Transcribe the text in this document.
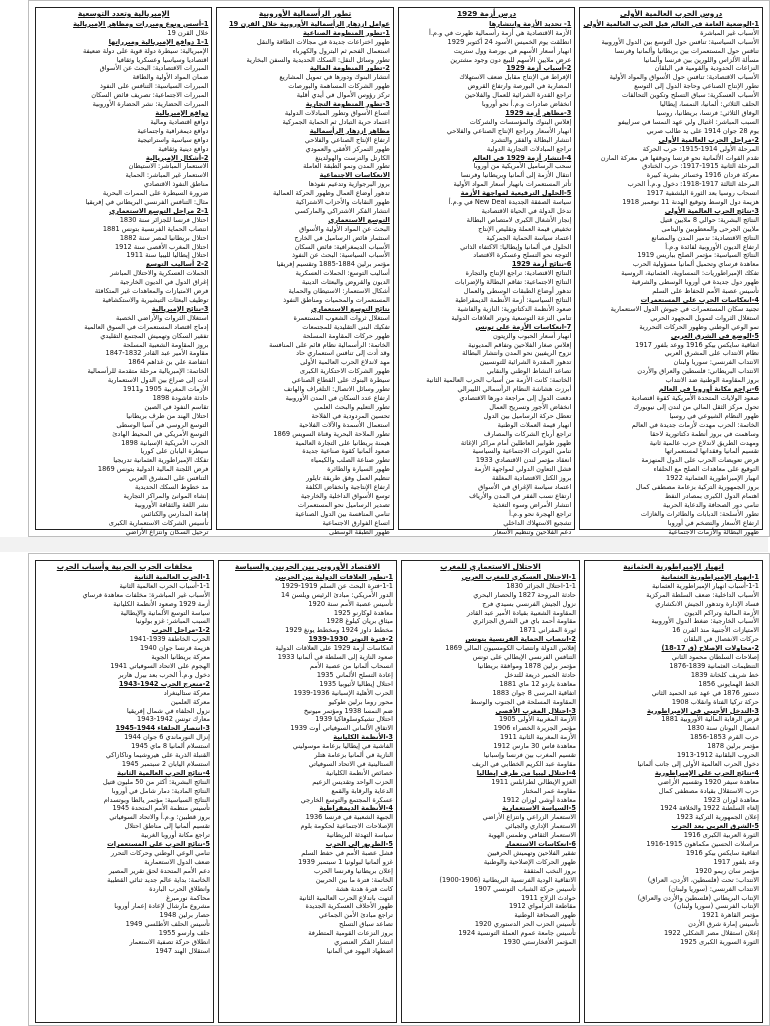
دروس الحرب العالمية الأولى
1-الوضعية العامة في العالم قبل الحرب العالمية الأولى
الأسباب غير المباشرة
الأسباب السياسية: تنافس حول التوسع بين الدول الأوروبية
تنافس حول المستعمرات بين بريطانيا وألمانيا وفرنسا
مسألة الألزاس واللورين بين فرنسا وألمانيا
النزاعات الحدودية والقومية في البلقان
الأسباب الاقتصادية: تنافس حول الأسواق والمواد الأولية
تطور الإنتاج الصناعي وحاجة الدول إلى التوسع
الأسباب العسكرية: سباق التسلح وتكوين التحالفات
الحلف الثلاثي: ألمانيا، النمسا، إيطاليا
الوفاق الثلاثي: فرنسا، بريطانيا، روسيا
السبب المباشر: اغتيال ولي عهد النمسا في سراييفو
يوم 28 جوان 1914 على يد طالب صربي
2-مراحل الحرب العالمية الأولى
المرحلة الأولى 1914-1915: حرب الحركة
تقدم القوات الألمانية نحو فرنسا وتوقفها في معركة المارن
المرحلة الثانية 1915-1917: حرب الخنادق
معركة فردان 1916 وخسائر بشرية كبيرة
المرحلة الثالثة 1917-1918: دخول و.م.أ الحرب
انسحاب روسيا بعد الثورة البلشفية 1917
هزيمة دول الوسط وتوقيع الهدنة 11 نوفمبر 1918
3-نتائج الحرب العالمية الأولى
النتائج البشرية: حوالي 8 ملايين قتيل
ملايين الجرحى والمعطوبين واليتامى
النتائج الاقتصادية: تدمير المدن والمصانع
ارتفاع الديون الأوروبية لفائدة و.م.أ
النتائج السياسية: مؤتمر الصلح بباريس 1919
معاهدة فرساي وتحميل ألمانيا مسؤولية الحرب
تفكك الإمبراطوريات: النمساوية، العثمانية، الروسية
ظهور دول جديدة في أوروبا الوسطى والشرقية
تأسيس عصبة الأمم للحفاظ على السلم
4-انعكاسات الحرب على المستعمرات
تجنيد سكان المستعمرات في جيوش الدول الاستعمارية
استغلال الثروات لتمويل المجهود الحربي
نمو الوعي الوطني وظهور الحركات التحررية
5-الوضع في الشرق العربي
اتفاقية سايكس بيكو 1916 ووعد بلفور 1917
نظام الانتداب على المشرق العربي
الانتداب الفرنسي: سوريا ولبنان
الانتداب البريطاني: فلسطين والعراق والأردن
بروز المقاومة الوطنية ضد الانتداب
6-تراجع مكانة أوروبا في العالم
صعود الولايات المتحدة الأمريكية كقوة اقتصادية
تحول مركز الثقل المالي من لندن إلى نيويورك
ظهور النظام الشيوعي في روسيا
الخاتمة: الحرب مهدت لأزمات جديدة في العالم
وساهمت في بروز أنظمة دكتاتورية لاحقا
ومهدت الطريق لاندلاع حرب عالمية ثانية
تقسيم ألمانيا وفقدانها لمستعمراتها
فرض تعويضات الحرب على الدول المنهزمة
التوقيع على معاهدات الصلح مع الحلفاء
انهيار الإمبراطورية العثمانية 1922
بروز الجمهورية التركية بزعامة مصطفى كمال
اهتمام الدول الكبرى بمصادر النفط
تنامي دور الصحافة والدعاية الحربية
تطور الأسلحة: الدبابات والطائرات والغازات
ارتفاع الأسعار والتضخم في أوروبا
ظهور البطالة والأزمات الاجتماعية
درس أزمة 1929
1- تحديد الأزمة وانتشارها
الأزمة الاقتصادية هي أزمة رأسمالية ظهرت في و.م.أ
انطلقت يوم الخميس الأسود 24 أكتوبر 1929
انهيار أسعار الأسهم في بورصة وول ستريت
عرض ملايين الأسهم للبيع دون وجود مشترين
2-أسباب أزمة 1929
الإفراط في الإنتاج مقابل ضعف الاستهلاك
المضاربة في البورصة وارتفاع القروض
تراجع القدرة الشرائية للعمال والفلاحين
انخفاض صادرات و.م.أ نحو أوروبا
3-مظاهر أزمة 1929
إفلاس البنوك والمؤسسات والشركات
انهيار الأسعار وتراجع الإنتاج الصناعي والفلاحي
انتشار البطالة والفقر والتشرد
تراجع المبادلات التجارية الدولية
4-انتشار أزمة 1929 في العالم
سحب الرساميل الأمريكية من أوروبا
انتقال الأزمة إلى ألمانيا وبريطانيا وفرنسا
تأثر المستعمرات بانهيار أسعار المواد الأولية
5-الحلول الترقيعية لمواجهة الأزمة
سياسة الصفقة الجديدة New Deal في و.م.أ
تدخل الدولة في الحياة الاقتصادية
إنجاز الأشغال الكبرى لامتصاص البطالة
تخفيض قيمة العملة وتقليص الإنتاج
اعتماد سياسة الحماية الجمركية
الحلول في ألمانيا وإيطاليا: الاكتفاء الذاتي
التوجه نحو التسلح وعسكرة الاقتصاد
6-نتائج أزمة 1929
النتائج الاقتصادية: تراجع الإنتاج والتجارة
النتائج الاجتماعية: تفاقم البطالة والإضرابات
تدهور أوضاع الطبقات الوسطى والعمال
النتائج السياسية: أزمة الأنظمة الديمقراطية
صعود الأنظمة الدكتاتورية: النازية والفاشية
تنامي النزعة التوسعية وتوتر العلاقات الدولية
7-انعكاسات الأزمة على تونس
انهيار أسعار الحبوب والزيتون
إفلاس صغار الفلاحين وتفاقم المديونية
نزوح الريفيين نحو المدن وانتشار البطالة
تدهور المقدرة الشرائية للتونسيين
تصاعد النشاط الوطني والنقابي
الخاتمة: كانت الأزمة من أسباب الحرب العالمية الثانية
أبرزت هشاشة النظام الرأسمالي الليبرالي
دفعت الدول إلى مراجعة دورها الاقتصادي
انخفاض الأجور وتسريح العمال
تعطل حركة الرساميل بين الدول
انهيار قيمة العملات الوطنية
تراجع أرباح الشركات والمصارف
ظهور طوابير العاطلين أمام مراكز الإغاثة
تنامي التوترات الاجتماعية والسياسية
انعقاد مؤتمر لندن الاقتصادي 1933
فشل التعاون الدولي لمواجهة الأزمة
بروز الكتل الاقتصادية المغلقة
اعتماد سياسة الإغراق في الأسواق
ارتفاع نسب الفقر في المدن والأرياف
انتشار الأمراض وسوء التغذية
تراجع الهجرة نحو و.م.أ
تشجيع الاستهلاك الداخلي
دعم الفلاحين وتنظيم الأسعار
تطور الرأسمالية الأوروبية
عوامل ازدهار الرأسمالية الأوروبية خلال القرن 19
1-تطور المنظومة الصناعية
ظهور اختراعات جديدة في مجالات الطاقة والنقل
استعمال الفحم ثم البترول والكهرباء
تطور وسائل النقل: السكك الحديدية والسفن البخارية
2-تطور المنظومة المالية
انتشار البنوك ودورها في تمويل المشاريع
ظهور الشركات المساهمة والبورصات
تركز رؤوس الأموال في أيدي أقلية
3-تطور المنظومة التجارية
اتساع الأسواق وتطور المبادلات الدولية
اعتماد حرية التبادل ثم الحماية الجمركية
مظاهر ازدهار الرأسمالية
ارتفاع الإنتاج الصناعي والفلاحي
ظهور التمركز الأفقي والعمودي
الكارتل والترست والهولدينغ
تطور المدن ونمو الطبقة العاملة
الانعكاسات الاجتماعية
بروز البرجوازية وتدعيم نفوذها
تدهور أوضاع العمال وظهور الحركة العمالية
ظهور النقابات والأحزاب الاشتراكية
انتشار الفكر الاشتراكي والماركسي
التوسع الاستعماري
البحث عن المواد الأولية والأسواق
استثمار فائض الرساميل في الخارج
الأسباب الديمغرافية: فائض السكان
الأسباب السياسية: البحث عن النفوذ
مؤتمر برلين 1884-1885 وتقسيم إفريقيا
أساليب التوسع: الحملات العسكرية
الديون والقروض والبعثات الدينية
أشكال الاستعمار: الاستيطان والحماية
المستعمرات والمحميات ومناطق النفوذ
نتائج التوسع الاستعماري
استغلال ثروات الشعوب المستعمرة
تفكيك البنى التقليدية للمجتمعات
ظهور حركات المقاومة المسلحة
الخاتمة: الرأسمالية نظام قائم على المنافسة
وقد أدت إلى تنافس استعماري حاد
مهد لاندلاع الحرب العالمية الأولى
ظهور الشركات الاحتكارية الكبرى
سيطرة البنوك على القطاع الصناعي
تطور وسائل الاتصال: التلغراف والهاتف
ارتفاع عدد السكان في المدن الأوروبية
تطور التعليم والبحث العلمي
تحسين المردودية في الفلاحة
استعمال الأسمدة والآلات الفلاحية
تطور الملاحة البحرية وقناة السويس 1869
هيمنة بريطانيا على التجارة العالمية
صعود ألمانيا كقوة صناعية جديدة
تطور صناعة الصلب والكيمياء
ظهور السيارة والطائرة
تنظيم العمل وفق طريقة تايلور
ارتفاع الإنتاجية وانخفاض الكلفة
توسع الأسواق الداخلية والخارجية
تصدير الرساميل نحو المستعمرات
تنامي المنافسة بين الدول الصناعية
اتساع الفوارق الاجتماعية
ظهور الطبقة الوسطى
الإمبريالية وتعدد التوسعية
1-أسس ونوع ومبررات ومظاهر الإمبريالية
خلال القرن 19
1-1 دوافع الإمبريالية ومبرراتها
الإمبريالية: سيطرة دولة قوية على دولة ضعيفة
اقتصاديا وسياسيا وعسكريا وثقافيا
المبررات الاقتصادية: البحث عن الأسواق
ضمان المواد الأولية والطاقة
المبررات السياسية: التنافس على النفوذ
المبررات الاجتماعية: تصريف فائض السكان
المبررات الحضارية: نشر الحضارة الأوروبية
دوافع الإمبريالية
دوافع اقتصادية ومالية
دوافع ديمغرافية واجتماعية
دوافع سياسية واستراتيجية
دوافع دينية وثقافية
2-أشكال الإمبريالية
الاستعمار المباشر: الاستيطان
الاستعمار غير المباشر: الحماية
مناطق النفوذ الاقتصادي
ضرورة السيطرة على الممرات البحرية
مثال: التنافس الفرنسي البريطاني في إفريقيا
2-1 مراحل التوسع الاستعماري
احتلال فرنسا للجزائر سنة 1830
انتصاب الحماية الفرنسية بتونس 1881
احتلال بريطانيا لمصر سنة 1882
احتلال المغرب الأقصى سنة 1912
احتلال إيطاليا لليبيا سنة 1911
2-2 أساليب التوسع
الحملات العسكرية والاحتلال المباشر
إغراق الدول في الديون الخارجية
فرض الامتيازات والمعاهدات غير المتكافئة
توظيف البعثات التبشيرية والاستكشافية
3-نتائج الإمبريالية
استغلال الثروات والأراضي الخصبة
إدماج اقتصاد المستعمرات في السوق العالمية
تفقير السكان وتهميش المجتمع التقليدي
بروز المقاومة الشعبية المسلحة
مقاومة الأمير عبد القادر 1832-1847
انتفاضة علي بن غذاهم 1864
الخاتمة: الإمبريالية مرحلة متقدمة للرأسمالية
أدت إلى صراع بين الدول الاستعمارية
الأزمات المغربية 1905 و1911
حادثة فاشودة 1898
تقاسم النفوذ في الصين
احتلال الهند من طرف بريطانيا
التوسع الروسي في آسيا الوسطى
التوسع الأمريكي في المحيط الهادئ
الحرب الأمريكية الإسبانية 1898
سيطرة اليابان على كوريا
تفكك الإمبراطورية العثمانية تدريجيا
فرض اللجنة المالية الدولية بتونس 1869
التنافس على المشرق العربي
مد خطوط السكك الحديدية
إنشاء الموانئ والمراكز التجارية
نشر اللغة والثقافة الأوروبية
إقامة المدارس والكنائس
تأسيس الشركات الاستعمارية الكبرى
ترحيل السكان وانتزاع الأراضي
انهيار الإمبراطورية العثمانية
1-انهيار الإمبراطورية العثمانية
1-1-أسباب انهيار الإمبراطورية العثمانية
الأسباب الداخلية: ضعف السلطة المركزية
فساد الإدارة وتدهور الجيش الانكشاري
الأزمة المالية وتراكم الديون
الأسباب الخارجية: ضغط الدول الأوروبية
الامتيازات الأجنبية منذ القرن 16
حركات الانفصال في البلقان
2-محاولات الإصلاح (ق 17-18)
إصلاحات السلطان محمود الثاني
التنظيمات العثمانية 1839-1876
خط شريف كلخانة 1839
الخط الهمايوني 1856
دستور 1876 في عهد عبد الحميد الثاني
حركة تركيا الفتاة وانقلاب 1908
3-التدخل الأجنبي في الإمبراطورية
فرض الرقابة المالية الأوروبية 1881
انفصال اليونان سنة 1830
حرب القرم 1853-1856
مؤتمر برلين 1878
الحروب البلقانية 1912-1913
دخول الحرب العالمية الأولى إلى جانب ألمانيا
4-نتائج الحرب على الإمبراطورية
معاهدة سيفر 1920 وتقسيم الأراضي
حرب الاستقلال بقيادة مصطفى كمال
معاهدة لوزان 1923
إلغاء السلطنة 1922 والخلافة 1924
إعلان الجمهورية التركية 1923
5-الشرق العربي بعد الحرب
الثورة العربية الكبرى 1916
مراسلات الحسين مكماهون 1915-1916
اتفاقية سايكس بيكو 1916
وعد بلفور 1917
مؤتمر سان ريمو 1920
الانتداب: تحت (فلسطين، الأردن، العراق)
الانتداب الفرنسي: (سوريا ولبنان)
الإنتاب البريطاني (فلسطين والأردن والعراق)
الإنتاب الفرنسي (سوريا ولبنان)
مؤتمر القاهرة 1921
تأسيس إمارة شرق الأردن
إعلان استقلال مصر الشكلي 1922
الثورة السورية الكبرى 1925
الاحتلال الاستعماري للمغرب
1-الاحتلال العسكري للمغرب العربي
1-1-احتلال الجزائر 1830
حادثة المروحة 1827 والحصار البحري
نزول الجيش الفرنسي بسيدي فرج
المقاومة الشعبية بقيادة الأمير عبد القادر
مقاومة أحمد باي في الشرق الجزائري
ثورة المقراني 1871
2-انتصاب الحماية الفرنسية بتونس
إفلاس الدولة وانتصاب الكومسيون المالي 1869
التنافس الفرنسي الإيطالي على تونس
مؤتمر برلين 1878 وموافقة بريطانيا
حادثة الخمير ذريعة للتدخل
معاهدة باردو 12 ماي 1881
اتفاقية المرسى 8 جوان 1883
المقاومة المسلحة في الجنوب والوسط
3-احتلال المغرب الأقصى
الأزمة المغربية الأولى 1905
مؤتمر الجزيرة الخضراء 1906
الأزمة المغربية الثانية 1911
معاهدة فاس 30 مارس 1912
تقسيم المغرب بين فرنسا وإسبانيا
مقاومة عبد الكريم الخطابي في الريف
4-احتلال ليبيا من طرف إيطاليا
الغزو الإيطالي لطرابلس 1911
مقاومة عمر المختار
معاهدة أوشي لوزان 1912
5-السياسة الاستعمارية
الاستعمار الزراعي وانتزاع الأراضي
الاستعمار الإداري والجبائي
الاستعمار الثقافي وطمس الهوية
6-انعكاسات الاستعمار
تفقير الفلاحين وتهميش الحرفيين
ظهور الحركات الإصلاحية والوطنية
بروز النخب المثقفة
الاتفاقية الودية الفرنسية البريطانية (1906-1900)
تأسيس حركة الشباب التونسي 1907
حوادث الزلاج 1911
مقاطعة الترامواي 1912
ظهور الصحافة الوطنية
تأسيس الحزب الحر الدستوري 1920
تأسيس جامعة عموم العملة التونسية 1924
المؤتمر الأفخارستي 1930
الاقتصاد الأوروبي بين الحربين والسياسة
1-تطور العلاقات الدولية بين الحربين
1-1-فترة البحث عن السلم 1919-1929
الدور الأمريكي: مبادئ الرئيس ويلسن 14
تأسيس عصبة الأمم سنة 1920
معاهدة لوكارنو 1925
ميثاق بريان كيلوغ 1928
مخطط داوز 1924 ومخطط يونغ 1929
2-فترة التوتر 1930-1939
انعكاسات أزمة 1929 على العلاقات الدولية
صعود النازية إلى السلطة في ألمانيا 1933
انسحاب ألمانيا من عصبة الأمم
إعادة التسلح الألماني 1935
احتلال إيطاليا لأثيوبيا 1935
الحرب الأهلية الإسبانية 1936-1939
محور روما برلين طوكيو
ضم النمسا 1938 ومؤتمر ميونيخ
احتلال تشيكوسلوفاكيا 1939
الاتفاق الألماني السوفياتي أوت 1939
3-الأنظمة الكليانية
الفاشية في إيطاليا بزعامة موسوليني
النازية في ألمانيا بزعامة هتلر
الستالينية في الاتحاد السوفياتي
خصائص الأنظمة الكليانية
الحزب الواحد وتقديس الزعيم
الدعاية والرقابة والقمع
عسكرة المجتمع والتوسع الخارجي
4-الأنظمة الديمقراطية
الجبهة الشعبية في فرنسا 1936
الإصلاحات الاجتماعية لحكومة بلوم
سياسة التهدئة البريطانية
5-الطريق إلى الحرب
فشل عصبة الأمم في حفظ السلم
غزو ألمانيا لبولونيا 1 سبتمبر 1939
إعلان بريطانيا وفرنسا الحرب
الخاتمة: فترة ما بين الحربين
كانت فترة هدنة هشة
انتهت باندلاع الحرب العالمية الثانية
ظهور الأحلاف العسكرية الجديدة
تراجع مبادئ الأمن الجماعي
تصاعد سباق التسلح
بروز النزعات القومية المتطرفة
انتشار الفكر العنصري
اضطهاد اليهود في ألمانيا
مخلفات الحرب الحربية وأسباب الحرب
1-الحرب العالمية الثانية
1-1-أسباب الحرب العالمية الثانية
الأسباب غير المباشرة: مخلفات معاهدة فرساي
أزمة 1929 وصعود الأنظمة الكليانية
سياسة التوسع الألمانية والإيطالية
السبب المباشر: غزو بولونيا
1-2-مراحل الحرب
الحرب الخاطفة 1939-1941
هزيمة فرنسا جوان 1940
معركة بريطانيا الجوية
الهجوم على الاتحاد السوفياتي 1941
دخول و.م.أ الحرب بعد بيرل هاربر
2-منعرج الحرب 1942-1943
معركة ستالينغراد
معركة العلمين
نزول الحلفاء في شمال إفريقيا
معارك تونس 1942-1943
3-انتصار الحلفاء 1944-1945
إنزال النورماندي 6 جوان 1944
استسلام ألمانيا 8 ماي 1945
القنبلة الذرية على هيروشيما وناكازاكي
استسلام اليابان 2 سبتمبر 1945
4-نتائج الحرب العالمية الثانية
النتائج البشرية: أكثر من 50 مليون قتيل
النتائج المادية: دمار شامل في أوروبا
النتائج السياسية: مؤتمر يالطا وبوتسدام
تأسيس منظمة الأمم المتحدة 1945
بروز قطبين: و.م.أ والاتحاد السوفياتي
تقسيم ألمانيا إلى مناطق احتلال
تراجع مكانة أوروبا الغربية
5-نتائج الحرب على المستعمرات
تنامي الوعي الوطني وحركات التحرر
ضعف الدول الاستعمارية
دعم الأمم المتحدة لحق تقرير المصير
الخاتمة: بداية عالم جديد ثنائي القطبية
وانطلاق الحرب الباردة
محاكمة نورمبرغ
مشروع مارشال لإعادة إعمار أوروبا
حصار برلين 1948
تأسيس الحلف الأطلسي 1949
حلف وارسو 1955
انطلاق حركة تصفية الاستعمار
استقلال الهند 1947
